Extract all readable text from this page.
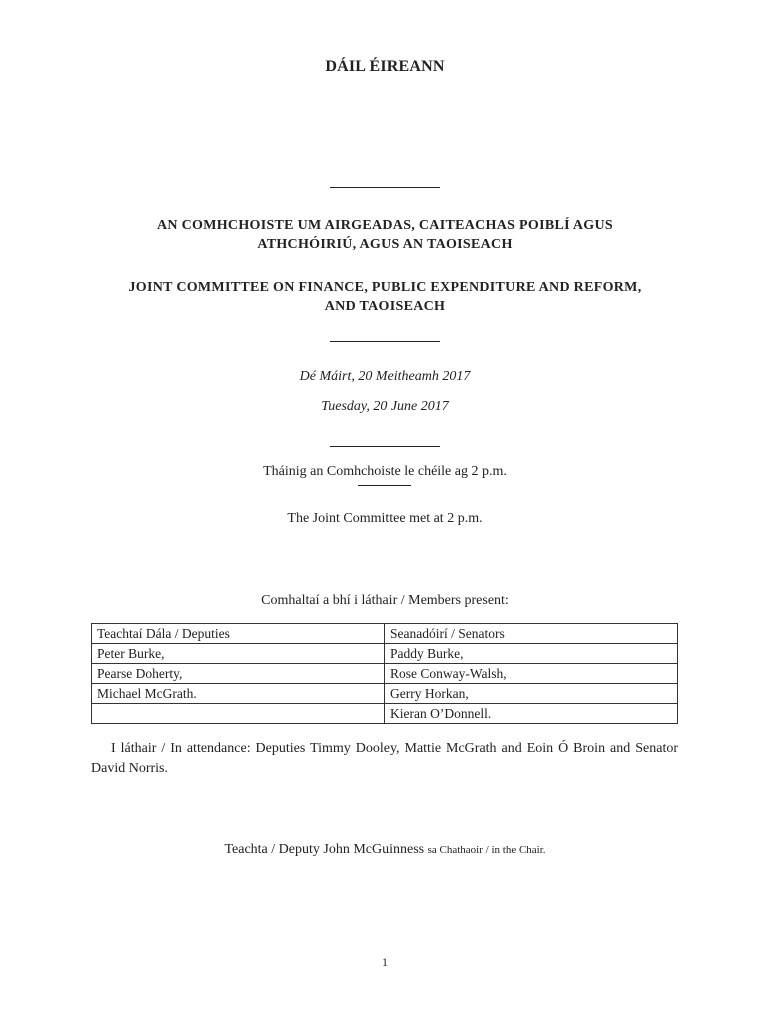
DÁIL ÉIREANN
AN COMHCHOISTE UM AIRGEADAS, CAITEACHAS POIBLÍ AGUS
ATHCHÓIRIÚ, AGUS AN TAOISEACH
JOINT COMMITTEE ON FINANCE, PUBLIC EXPENDITURE AND REFORM,
AND TAOISEACH
Dé Máirt, 20 Meitheamh 2017
Tuesday, 20 June 2017
Tháinig an Comhchoiste le chéile ag 2 p.m.
The Joint Committee met at 2 p.m.
Comhaltaí a bhí i láthair / Members present:
Teachtaí Dála / Deputies	Seanadóirí / Senators
Peter Burke,	Paddy Burke,
Pearse Doherty,	Rose Conway-Walsh,
Michael McGrath.	Gerry Horkan,
	Kieran O’Donnell.
I láthair / In attendance: Deputies Timmy Dooley, Mattie McGrath and Eoin Ó Broin and Senator David Norris.
Teachta / Deputy John McGuinness sa Chathaoir / in the Chair.
1
